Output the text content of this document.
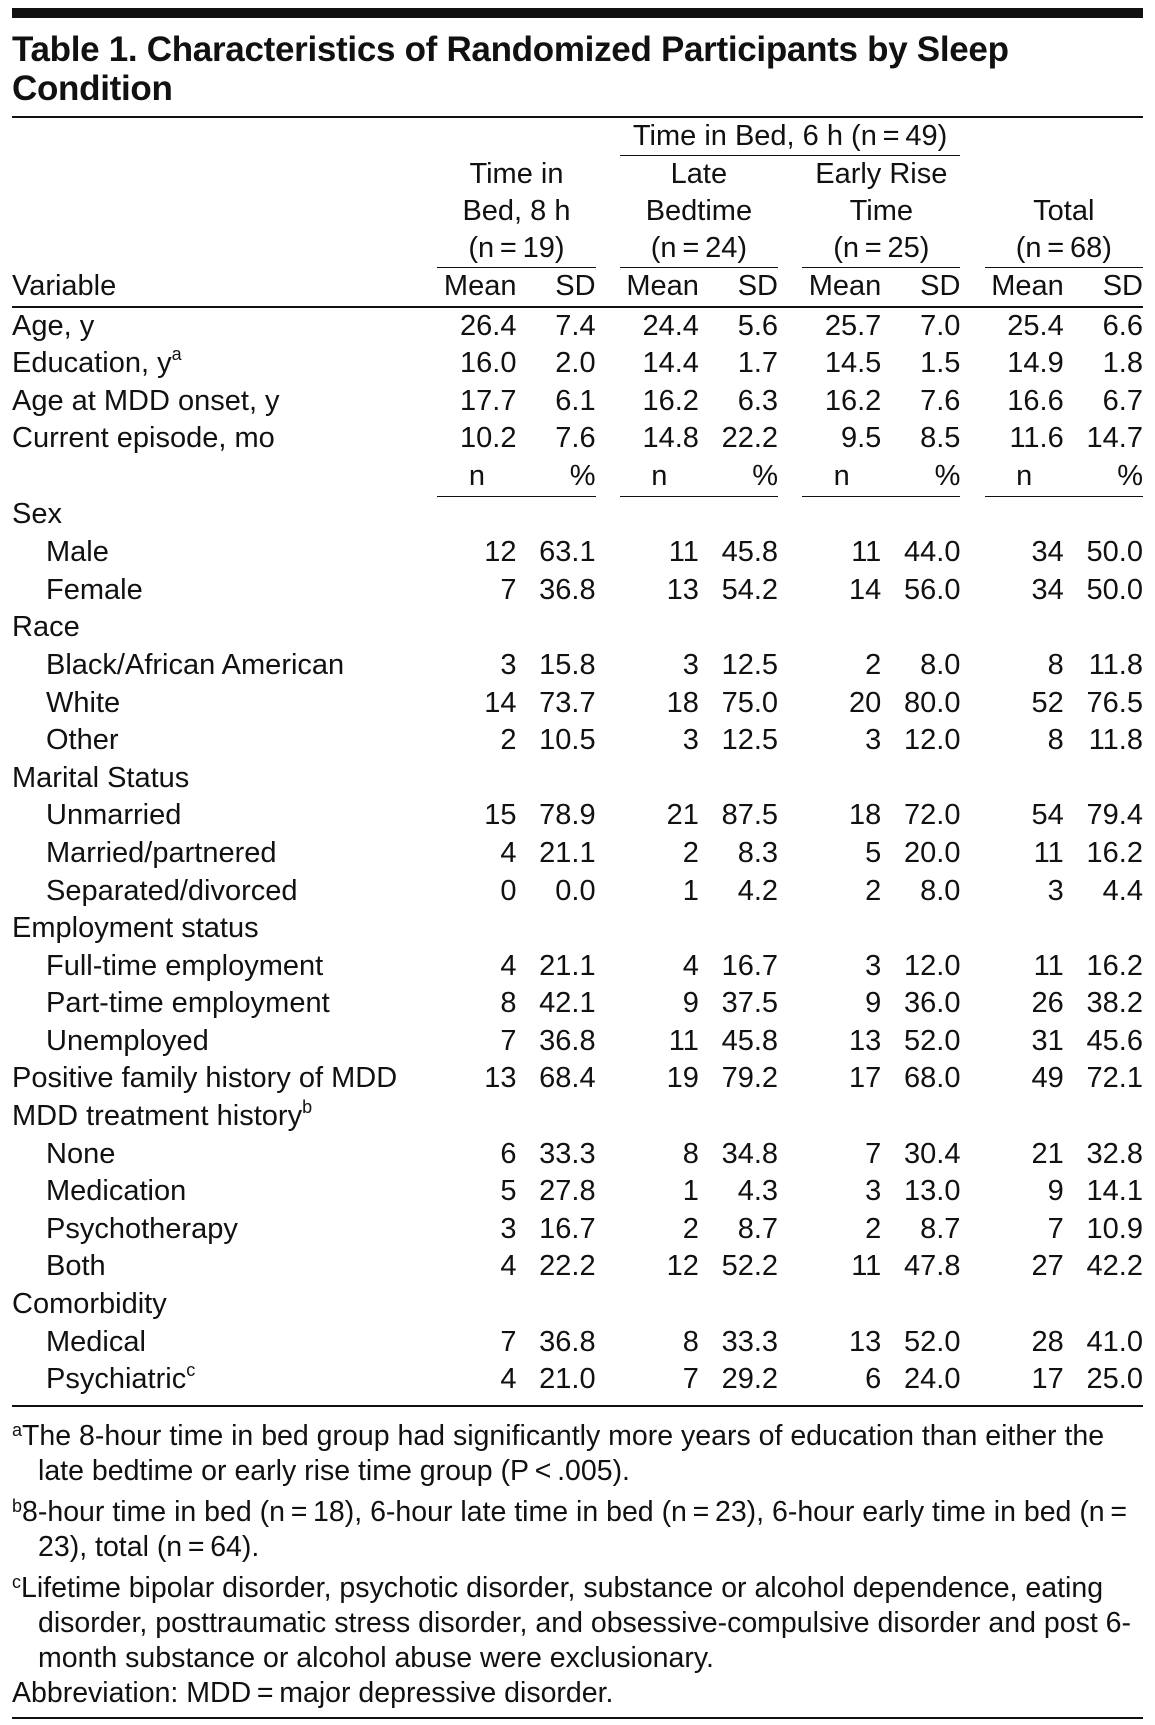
Table 1. Characteristics of Randomized Participants by Sleep Condition
					Time in Bed, 6 h (n = 49)							
		Time in			Late			Early Rise				
		Bed, 8 h			Bedtime			Time			Total	
		(n = 19)			(n = 24)			(n = 25)			(n = 68)	
Variable		Mean	SD		Mean	SD		Mean	SD		Mean	SD
Age, y		26.4	7.4		24.4	5.6		25.7	7.0		25.4	6.6
Education, y$^a$		16.0	2.0		14.4	1.7		14.5	1.5		14.9	1.8
Age at MDD onset, y		17.7	6.1		16.2	6.3		16.2	7.6		16.6	6.7
Current episode, mo		10.2	7.6		14.8	22.2		9.5	8.5		11.6	14.7
		n	%		n	%		n	%		n	%
Sex												
Male		12	63.1		11	45.8		11	44.0		34	50.0
Female		7	36.8		13	54.2		14	56.0		34	50.0
Race												
Black/African American		3	15.8		3	12.5		2	8.0		8	11.8
White		14	73.7		18	75.0		20	80.0		52	76.5
Other		2	10.5		3	12.5		3	12.0		8	11.8
Marital Status												
Unmarried		15	78.9		21	87.5		18	72.0		54	79.4
Married/partnered		4	21.1		2	8.3		5	20.0		11	16.2
Separated/divorced		0	0.0		1	4.2		2	8.0		3	4.4
Employment status												
Full-time employment		4	21.1		4	16.7		3	12.0		11	16.2
Part-time employment		8	42.1		9	37.5		9	36.0		26	38.2
Unemployed		7	36.8		11	45.8		13	52.0		31	45.6
Positive family history of MDD		13	68.4		19	79.2		17	68.0		49	72.1
MDD treatment history$^b$												
None		6	33.3		8	34.8		7	30.4		21	32.8
Medication		5	27.8		1	4.3		3	13.0		9	14.1
Psychotherapy		3	16.7		2	8.7		2	8.7		7	10.9
Both		4	22.2		12	52.2		11	47.8		27	42.2
Comorbidity												
Medical		7	36.8		8	33.3		13	52.0		28	41.0
Psychiatric$^c$		4	21.0		7	29.2		6	24.0		17	25.0

$^a$The 8-hour time in bed group had significantly more years of education than either the late bedtime or early rise time group (P < .005).

$^b$8-hour time in bed (n = 18), 6-hour late time in bed (n = 23), 6-hour early time in bed (n = 23), total (n = 64).

$^c$Lifetime bipolar disorder, psychotic disorder, substance or alcohol dependence, eating disorder, posttraumatic stress disorder, and obsessive-compulsive disorder and post 6-month substance or alcohol abuse were exclusionary.

Abbreviation: MDD = major depressive disorder.
